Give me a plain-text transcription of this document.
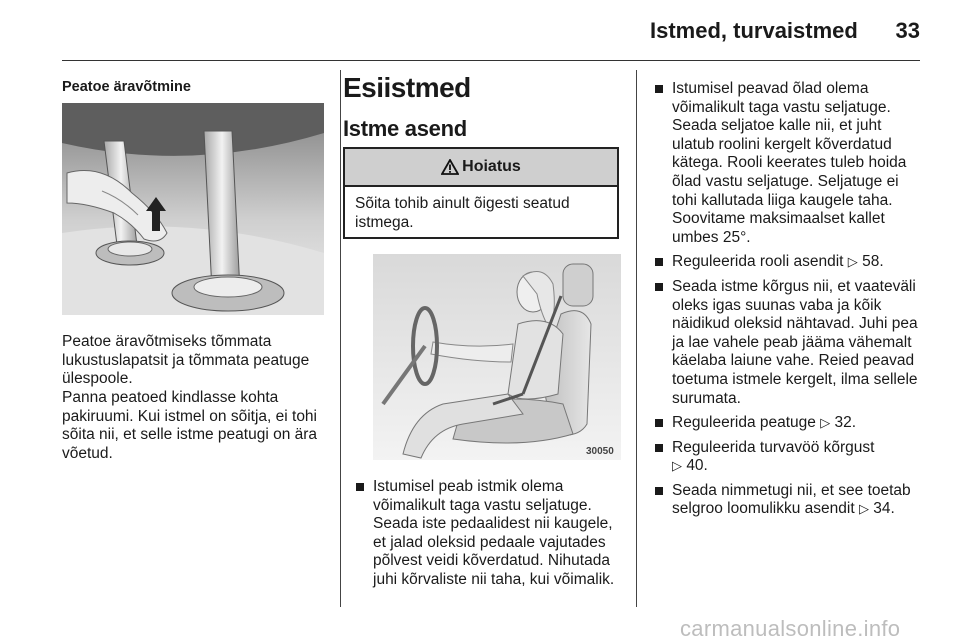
Istmed, turvaistmed	33
Peatoe äravõtmine

Peatoe äravõtmiseks tõmmata lukustuslapatsit ja tõmmata peatuge ülespoole.

Panna peatoed kindlasse kohta pakiruumi. Kui istmel on sõitja, ei tohi sõita nii, et selle istme peatugi on ära võetud.

Esiistmed
Istme asend
Hoiatus
Sõita tohib ainult õigesti seatud istmega.
30050
Istumisel peab istmik olema võimalikult taga vastu seljatuge. Seada iste pedaalidest nii kaugele, et jalad oleksid pedaale vajutades põlvest veidi kõverdatud. Nihutada juhi kõrvaliste nii taha, kui võimalik.
Istumisel peavad õlad olema võimalikult taga vastu seljatuge. Seada seljatoe kalle nii, et juht ulatub roolini kergelt kõverdatud kätega. Rooli keerates tuleb hoida õlad vastu seljatuge. Seljatuge ei tohi kallutada liiga kaugele taha. Soovitame maksimaalset kallet umbes 25°.
Reguleerida rooli asendit ▷ 58.
Seada istme kõrgus nii, et vaateväli oleks igas suunas vaba ja kõik näidikud oleksid nähtavad. Juhi pea ja lae vahele peab jääma vähemalt käelaba laiune vahe. Reied peavad toetuma istmele kergelt, ilma sellele surumata.
Reguleerida peatuge ▷ 32.
Reguleerida turvavöö kõrgust
▷ 40.
Seada nimmetugi nii, et see toetab selgroo loomulikku asendit ▷ 34.
carmanualsonline.info
